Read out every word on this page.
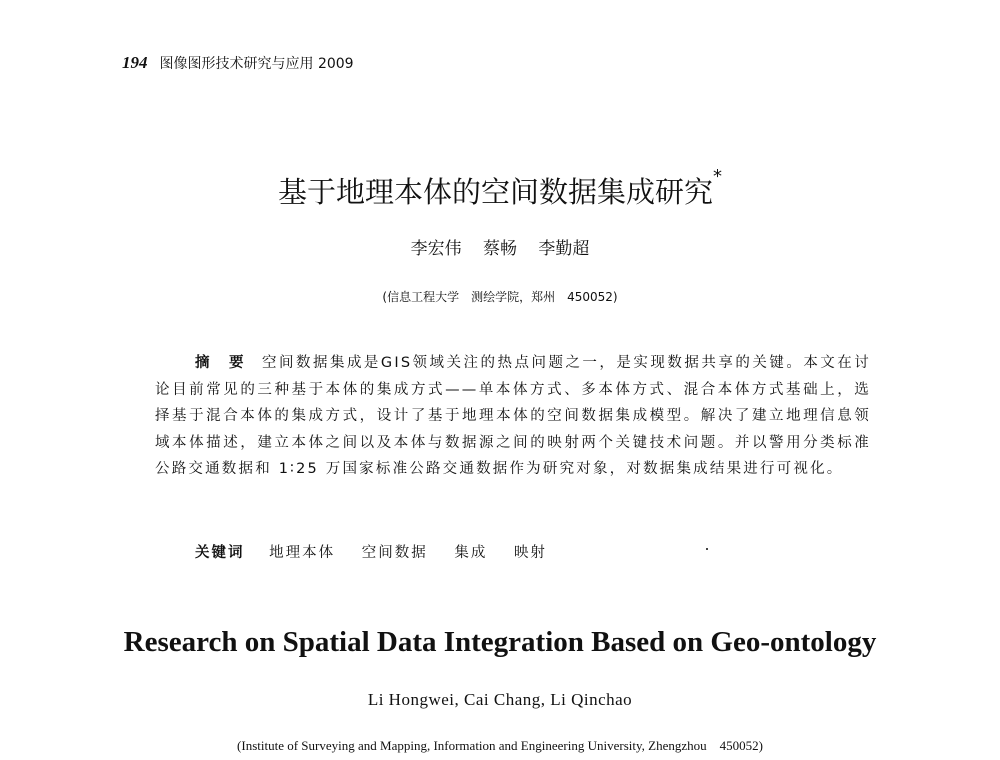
194 图像图形技术研究与应用 2009
基于地理本体的空间数据集成研究*
李宏伟 蔡畅 李勤超
(信息工程大学　测绘学院，郑州　450052)
摘　要 空间数据集成是GIS领域关注的热点问题之一，是实现数据共享的关键。本文在讨论目前常见的三种基于本体的集成方式——单本体方式、多本体方式、混合本体方式基础上，选择基于混合本体的集成方式，设计了基于地理本体的空间数据集成模型。解决了建立地理信息领域本体描述，建立本体之间以及本体与数据源之间的映射两个关键技术问题。并以警用分类标准公路交通数据和 1∶25 万国家标准公路交通数据作为研究对象，对数据集成结果进行可视化。
关键词 地理本体 空间数据 集成 映射
Research on Spatial Data Integration Based on Geo-ontology
Li Hongwei, Cai Chang, Li Qinchao
(Institute of Surveying and Mapping, Information and Engineering University, Zhengzhou　450052)
